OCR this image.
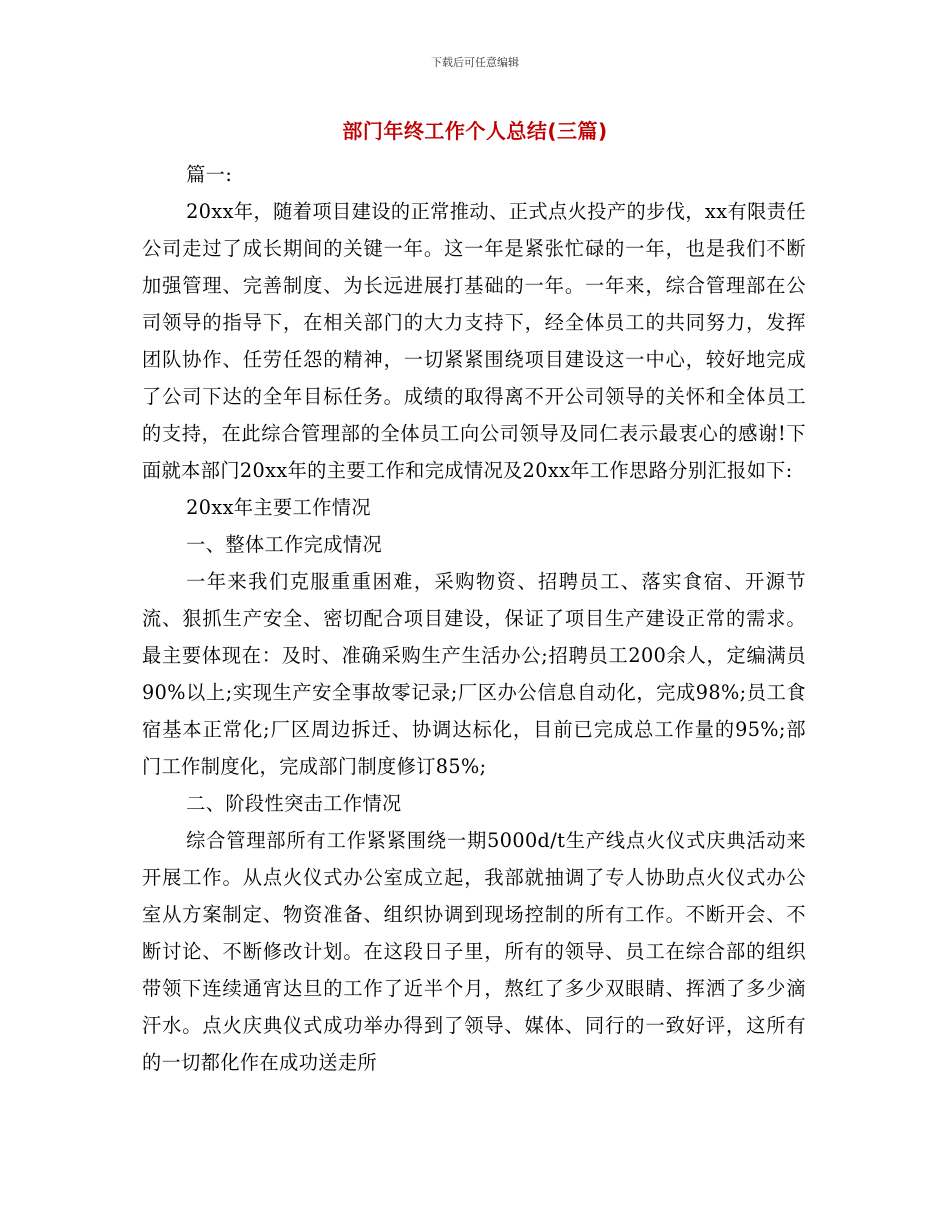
下载后可任意编辑
部门年终工作个人总结(三篇)

篇一:

20xx年，随着项目建设的正常推动、正式点火投产的步伐，xx有限责任公司走过了成长期间的关键一年。这一年是紧张忙碌的一年，也是我们不断加强管理、完善制度、为长远进展打基础的一年。一年来，综合管理部在公司领导的指导下，在相关部门的大力支持下，经全体员工的共同努力，发挥团队协作、任劳任怨的精神，一切紧紧围绕项目建设这一中心，较好地完成了公司下达的全年目标任务。成绩的取得离不开公司领导的关怀和全体员工的支持，在此综合管理部的全体员工向公司领导及同仁表示最衷心的感谢!下面就本部门20xx年的主要工作和完成情况及20xx年工作思路分别汇报如下:

20xx年主要工作情况

一、整体工作完成情况

一年来我们克服重重困难，采购物资、招聘员工、落实食宿、开源节流、狠抓生产安全、密切配合项目建设，保证了项目生产建设正常的需求。最主要体现在：及时、准确采购生产生活办公;招聘员工200余人，定编满员90%以上;实现生产安全事故零记录;厂区办公信息自动化，完成98%;员工食宿基本正常化;厂区周边拆迁、协调达标化，目前已完成总工作量的95%;部门工作制度化，完成部门制度修订85%;

二、阶段性突击工作情况

综合管理部所有工作紧紧围绕一期5000d/t生产线点火仪式庆典活动来开展工作。从点火仪式办公室成立起，我部就抽调了专人协助点火仪式办公室从方案制定、物资准备、组织协调到现场控制的所有工作。不断开会、不断讨论、不断修改计划。在这段日子里，所有的领导、员工在综合部的组织带领下连续通宵达旦的工作了近半个月，熬红了多少双眼睛、挥洒了多少滴汗水。点火庆典仪式成功举办得到了领导、媒体、同行的一致好评，这所有的一切都化作在成功送走所
